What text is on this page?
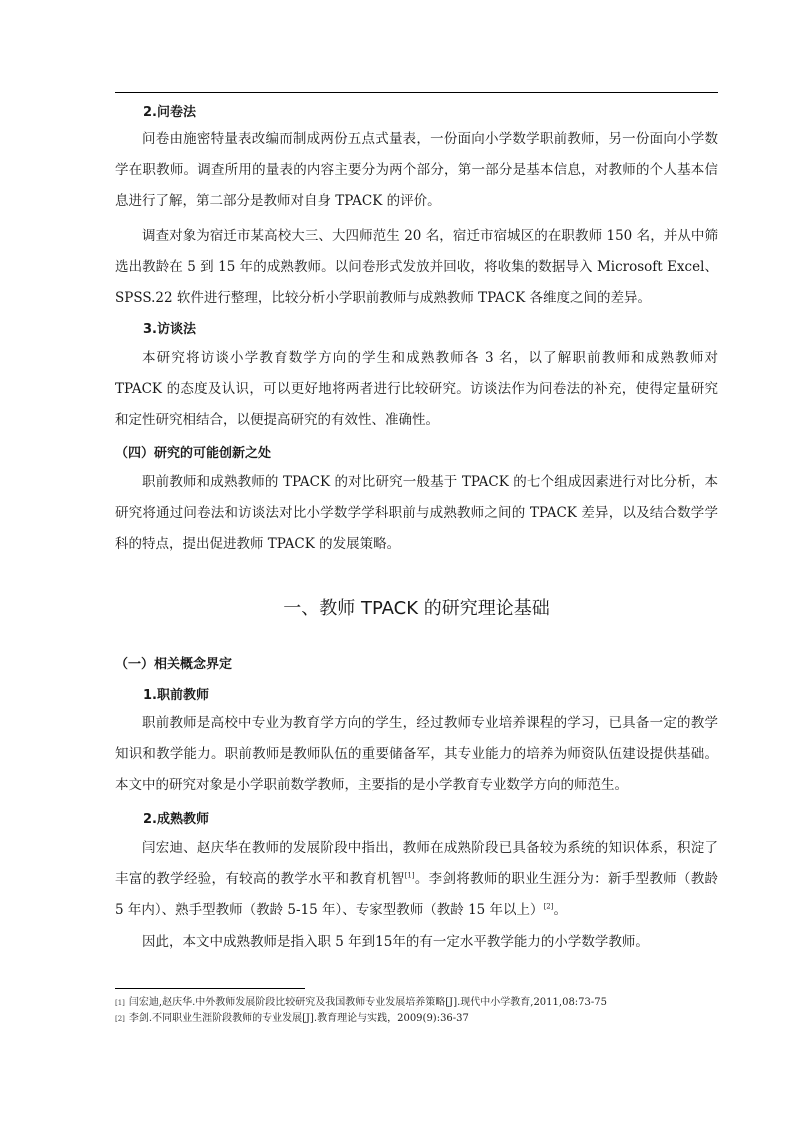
2.问卷法
问卷由施密特量表改编而制成两份五点式量表，一份面向小学数学职前教师，另一份面向小学数学在职教师。调查所用的量表的内容主要分为两个部分，第一部分是基本信息，对教师的个人基本信息进行了解，第二部分是教师对自身 TPACK 的评价。
调查对象为宿迁市某高校大三、大四师范生 20 名，宿迁市宿城区的在职教师 150 名，并从中筛选出教龄在 5 到 15 年的成熟教师。以问卷形式发放并回收，将收集的数据导入 Microsoft Excel、SPSS.22 软件进行整理，比较分析小学职前教师与成熟教师 TPACK 各维度之间的差异。
3.访谈法
本研究将访谈小学教育数学方向的学生和成熟教师各 3 名，以了解职前教师和成熟教师对 TPACK 的态度及认识，可以更好地将两者进行比较研究。访谈法作为问卷法的补充，使得定量研究和定性研究相结合，以便提高研究的有效性、准确性。
（四）研究的可能创新之处
职前教师和成熟教师的 TPACK 的对比研究一般基于 TPACK 的七个组成因素进行对比分析，本研究将通过问卷法和访谈法对比小学数学学科职前与成熟教师之间的 TPACK 差异，以及结合数学学科的特点，提出促进教师 TPACK 的发展策略。
一、教师 TPACK 的研究理论基础
（一）相关概念界定
1.职前教师
职前教师是高校中专业为教育学方向的学生，经过教师专业培养课程的学习，已具备一定的教学知识和教学能力。职前教师是教师队伍的重要储备军，其专业能力的培养为师资队伍建设提供基础。本文中的研究对象是小学职前数学教师，主要指的是小学教育专业数学方向的师范生。
2.成熟教师
闫宏迪、赵庆华在教师的发展阶段中指出，教师在成熟阶段已具备较为系统的知识体系，积淀了丰富的教学经验，有较高的教学水平和教育机智[1]。李剑将教师的职业生涯分为：新手型教师（教龄 5 年内）、熟手型教师（教龄 5-15 年）、专家型教师（教龄 15 年以上）[2]。
因此，本文中成熟教师是指入职 5 年到15年的有一定水平教学能力的小学数学教师。
[1] 闫宏迪,赵庆华.中外教师发展阶段比较研究及我国教师专业发展培养策略[J].现代中小学教育,2011,08:73-75
[2] 李剑.不同职业生涯阶段教师的专业发展[J].教育理论与实践，2009(9):36-37
